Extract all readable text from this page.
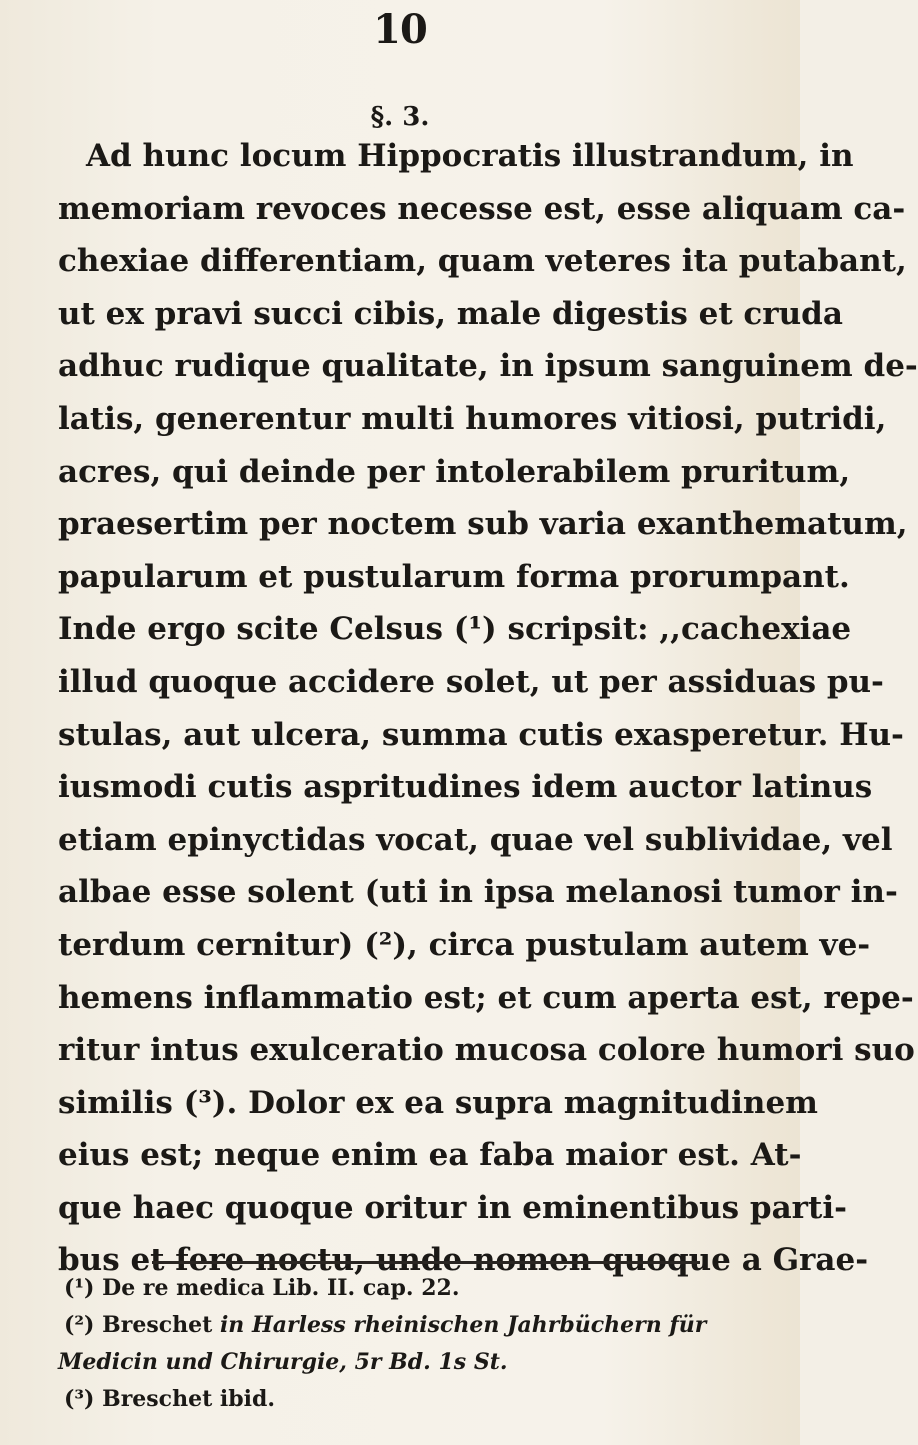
10
§. 3.
Ad hunc locum Hippocratis illustrandum, in
memoriam revoces necesse est, esse aliquam ca-
chexiae differentiam, quam veteres ita putabant,
ut ex pravi succi cibis, male digestis et cruda
adhuc rudique qualitate, in ipsum sanguinem de-
latis, generentur multi humores vitiosi, putridi,
acres, qui deinde per intolerabilem pruritum,
praesertim per noctem sub varia exanthematum,
papularum et pustularum forma prorumpant.
Inde ergo scite Celsus (¹) scripsit: ,,cachexiae
illud quoque accidere solet, ut per assiduas pu-
stulas, aut ulcera, summa cutis exasperetur. Hu-
iusmodi cutis aspritudines idem auctor latinus
etiam epinyctidas vocat, quae vel sublividae, vel
albae esse solent (uti in ipsa melanosi tumor in-
terdum cernitur) (²), circa pustulam autem ve-
hemens inflammatio est; et cum aperta est, repe-
ritur intus exulceratio mucosa colore humori suo
similis (³). Dolor ex ea supra magnitudinem
eius est; neque enim ea faba maior est. At-
que haec quoque oritur in eminentibus parti-
bus et fere noctu, unde nomen quoque a Grae-
(¹) De re medica Lib. II. cap. 22.
(²) Breschet in Harless rheinischen Jahrbüchern für
Medicin und Chirurgie, 5r Bd. 1s St.
(³) Breschet ibid.
